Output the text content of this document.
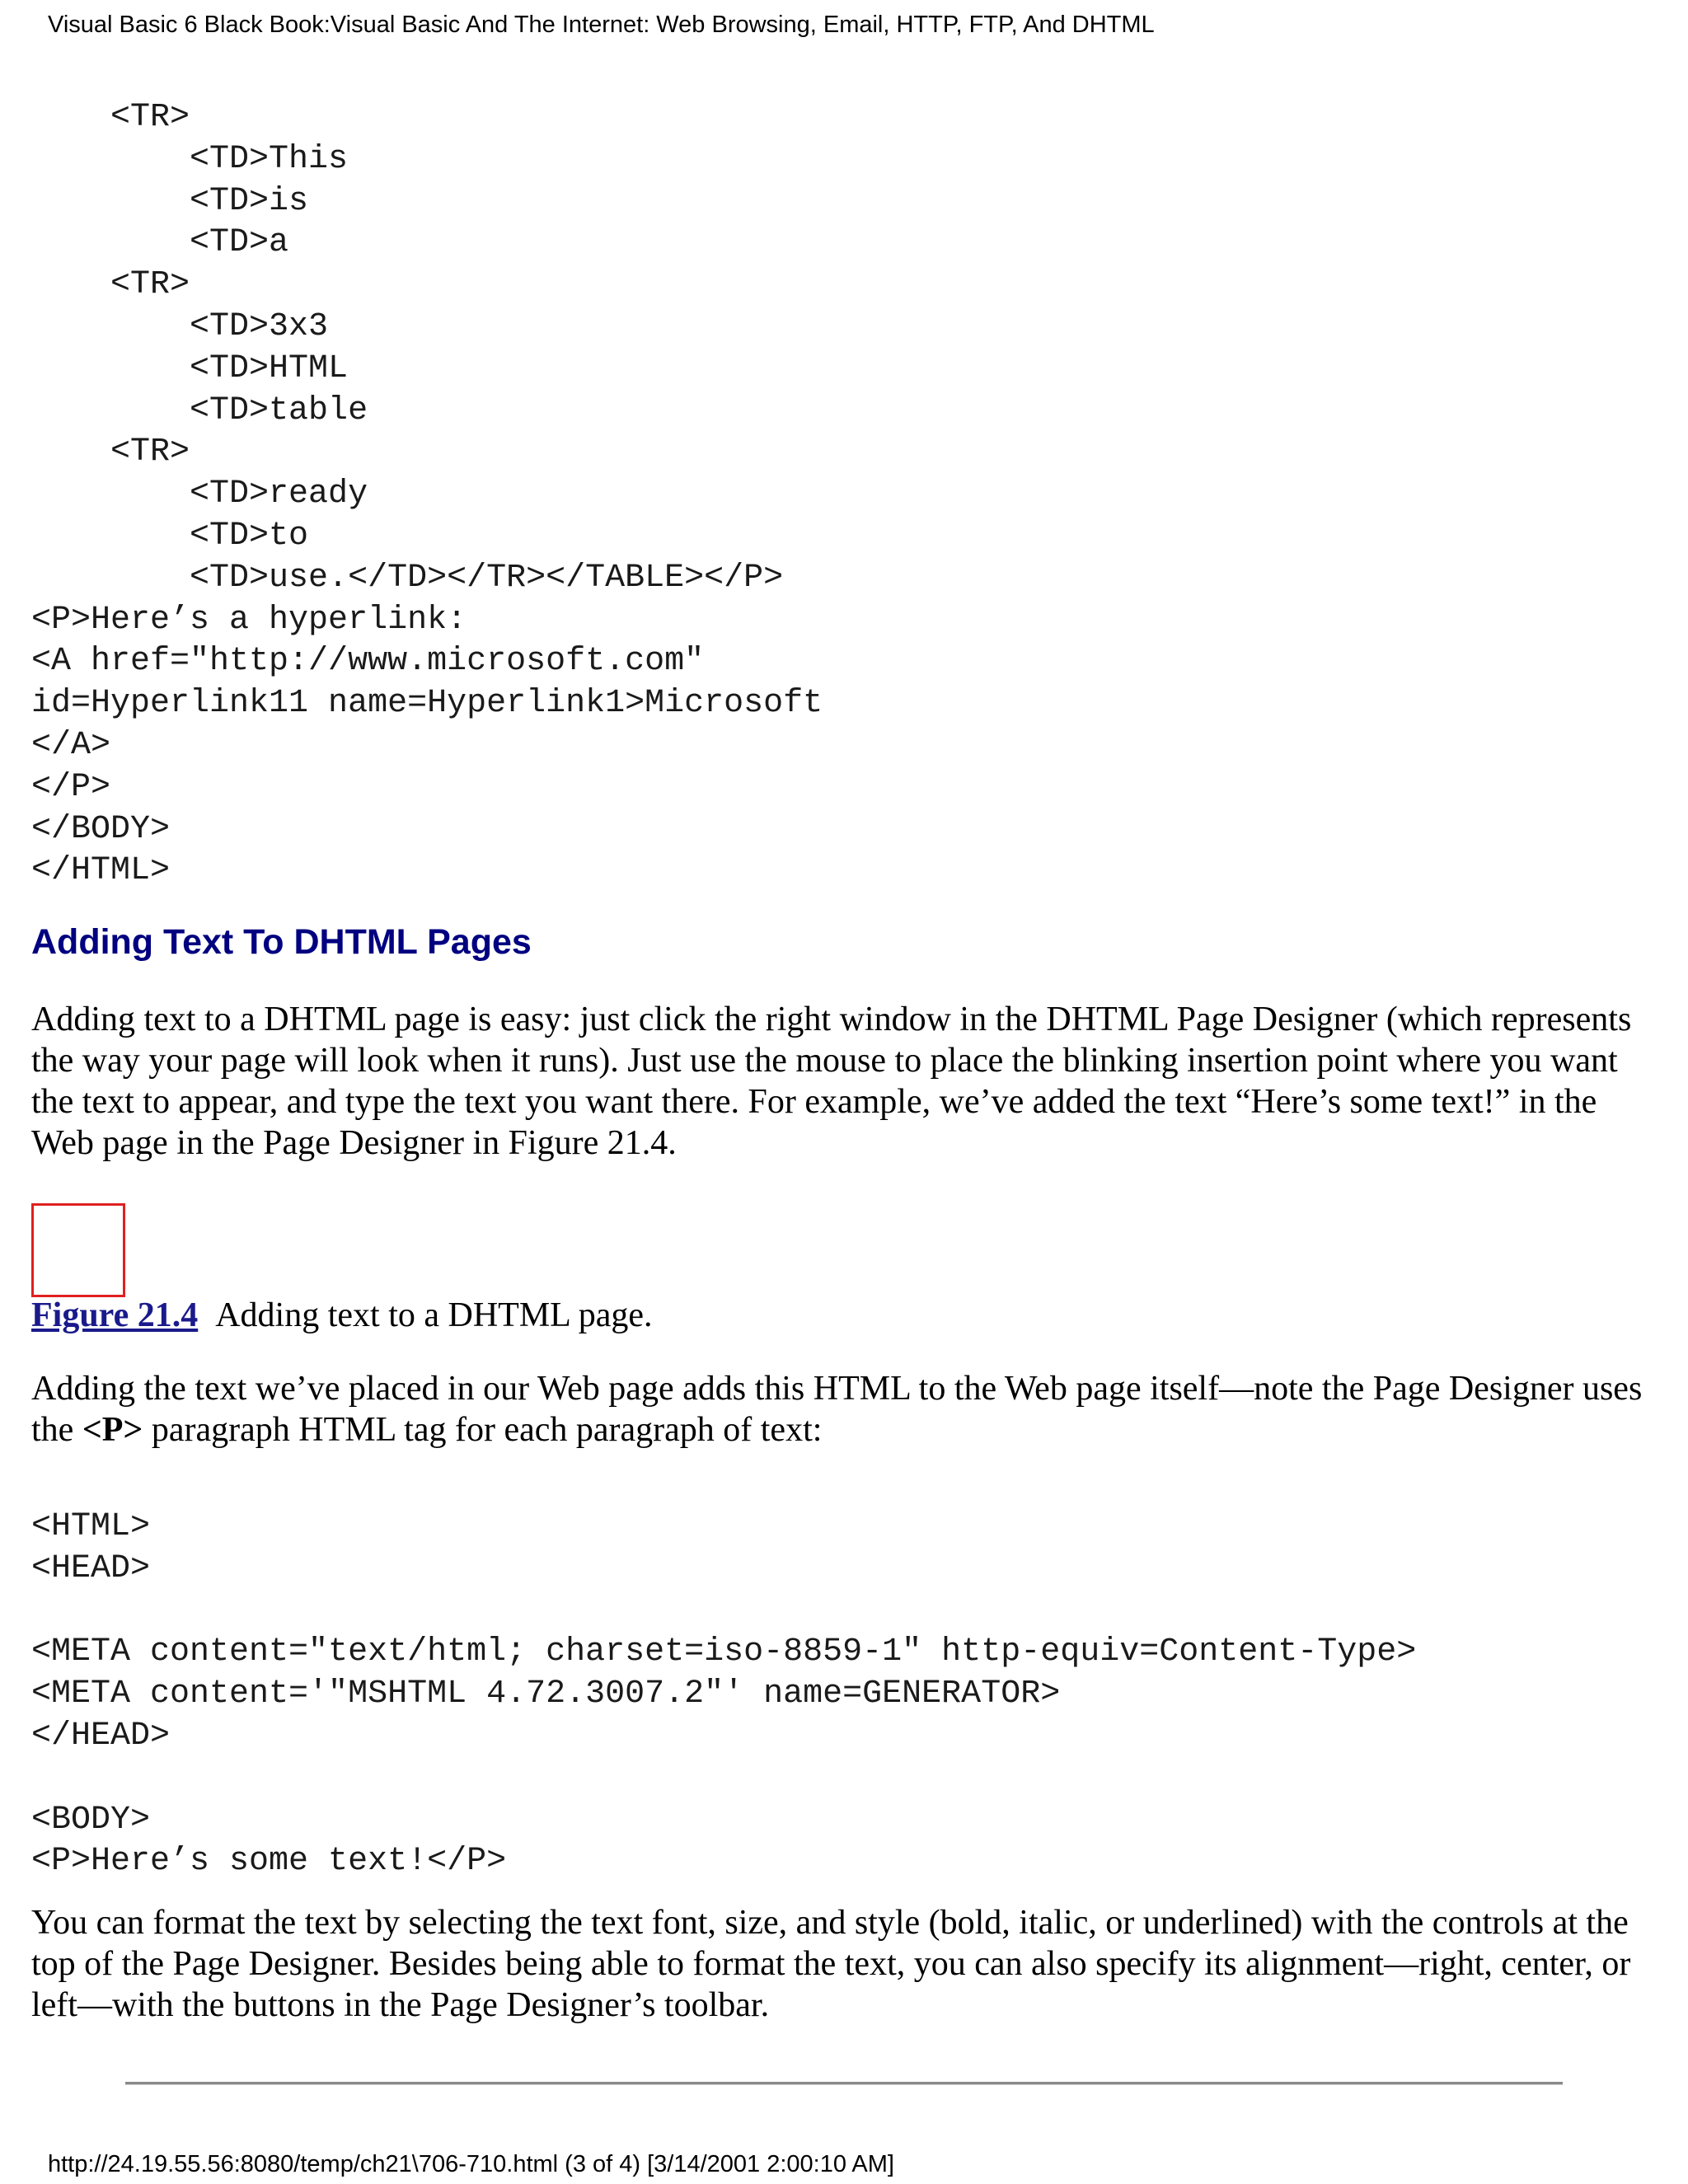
Visual Basic 6 Black Book:Visual Basic And The Internet: Web Browsing, Email, HTTP, FTP, And DHTML
<TR>
<TD>This
<TD>is
<TD>a
<TR>
<TD>3x3
<TD>HTML
<TD>table
<TR>
<TD>ready
<TD>to
<TD>use.</TD></TR></TABLE></P>
<P>Here’s a hyperlink:
<A href="http://www.microsoft.com"
id=Hyperlink11 name=Hyperlink1>Microsoft
</A>
</P>
</BODY>
</HTML>
Adding Text To DHTML Pages

Adding text to a DHTML page is easy: just click the right window in the DHTML Page Designer (which represents the way your page will look when it runs). Just use the mouse to place the blinking insertion point where you want the text to appear, and type the text you want there. For example, we’ve added the text “Here’s some text!” in the Web page in the Page Designer in Figure 21.4.

Figure 21.4 Adding text to a DHTML page.

Adding the text we’ve placed in our Web page adds this HTML to the Web page itself—note the Page Designer uses the <P> paragraph HTML tag for each paragraph of text:

<HTML>
<HEAD>

<META content="text/html; charset=iso-8859-1" http-equiv=Content-Type>
<META content='"MSHTML 4.72.3007.2"' name=GENERATOR>
</HEAD>

<BODY>
<P>Here’s some text!</P>

You can format the text by selecting the text font, size, and style (bold, italic, or underlined) with the controls at the top of the Page Designer. Besides being able to format the text, you can also specify its alignment—right, center, or left—with the buttons in the Page Designer’s toolbar.

http://24.19.55.56:8080/temp/ch21\706-710.html (3 of 4) [3/14/2001 2:00:10 AM]
